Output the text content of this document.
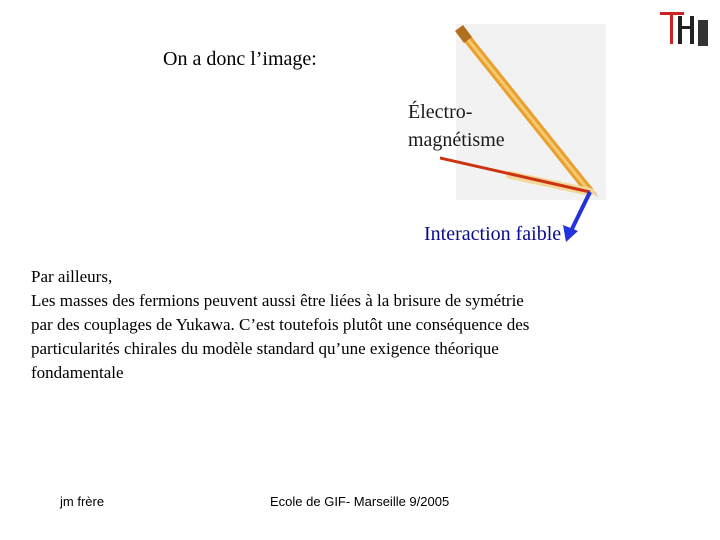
On a donc l’image:
Électro-
magnétisme
Interaction faible
Par ailleurs,
Les masses des fermions peuvent aussi être liées à la brisure de symétrie
par des couplages de Yukawa. C’est toutefois plutôt une conséquence des
particularités chirales du modèle standard qu’une exigence théorique
fondamentale
jm frère	Ecole de GIF- Marseille 9/2005
